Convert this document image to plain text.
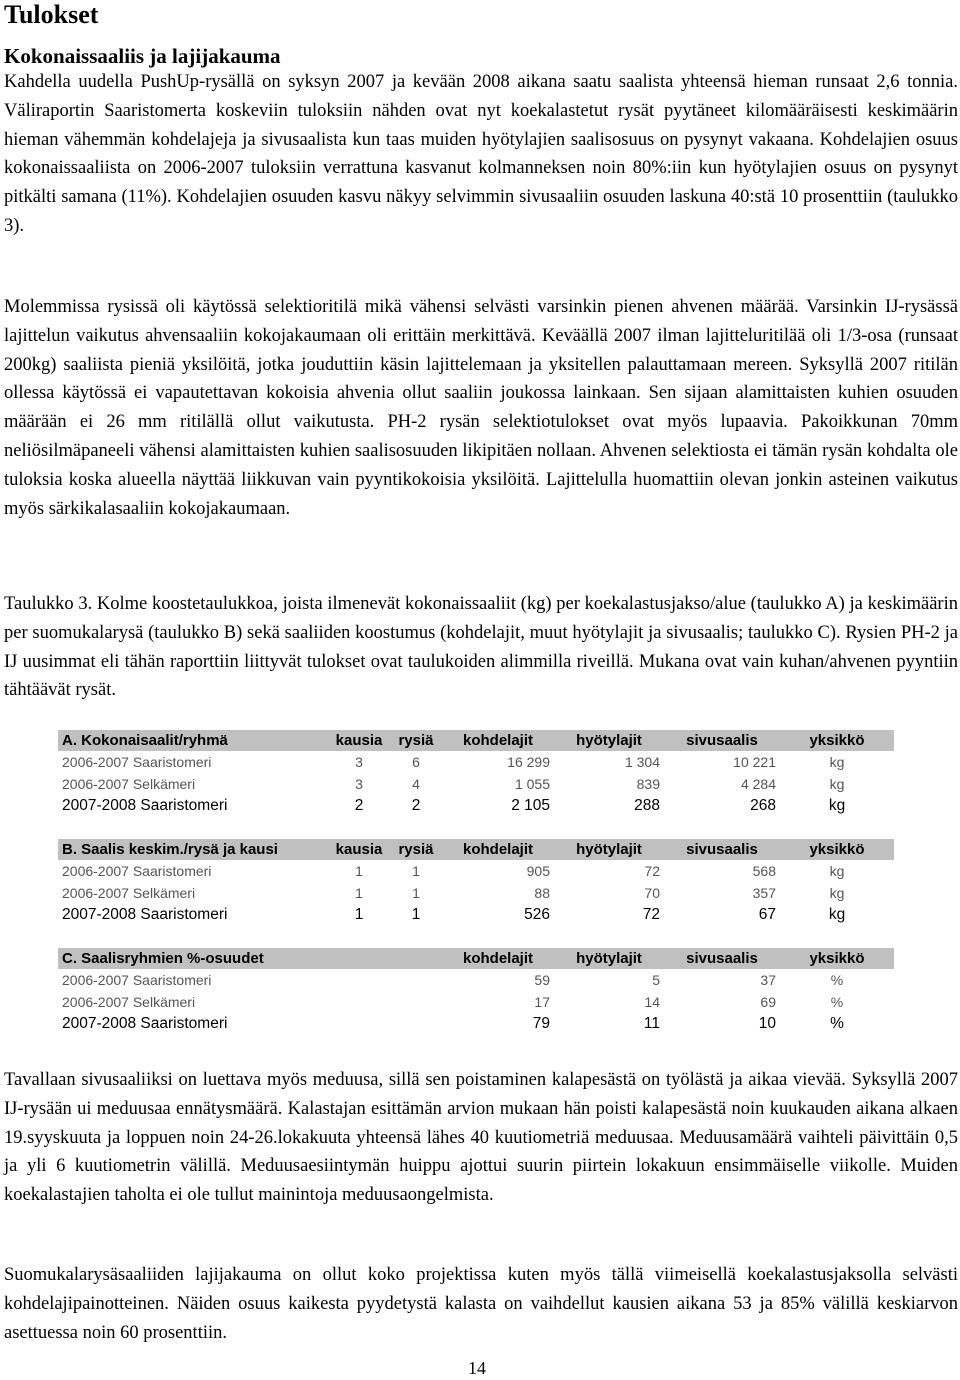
Tulokset
Kokonaissaaliis ja lajijakauma

Kahdella uudella PushUp-rysällä on syksyn 2007 ja kevään 2008 aikana saatu saalista yhteensä hieman runsaat 2,6 tonnia. Väliraportin Saaristomerta koskeviin tuloksiin nähden ovat nyt koekalastetut rysät pyytäneet kilomääräisesti keskimäärin hieman vähemmän kohdelajeja ja sivusaalista kun taas muiden hyötylajien saalisosuus on pysynyt vakaana. Kohdelajien osuus kokonaissaaliista on 2006-2007 tuloksiin verrattuna kasvanut kolmanneksen noin 80%:iin kun hyötylajien osuus on pysynyt pitkälti samana (11%). Kohdelajien osuuden kasvu näkyy selvimmin sivusaaliin osuuden laskuna 40:stä 10 prosenttiin (taulukko 3).

Molemmissa rysissä oli käytössä selektioritilä mikä vähensi selvästi varsinkin pienen ahvenen määrää. Varsinkin IJ-rysässä lajittelun vaikutus ahvensaaliin kokojakaumaan oli erittäin merkittävä. Keväällä 2007 ilman lajitteluritilää oli 1/3-osa (runsaat 200kg) saaliista pieniä yksilöitä, jotka jouduttiin käsin lajittelemaan ja yksitellen palauttamaan mereen. Syksyllä 2007 ritilän ollessa käytössä ei vapautettavan kokoisia ahvenia ollut saaliin joukossa lainkaan. Sen sijaan alamittaisten kuhien osuuden määrään ei 26 mm ritilällä ollut vaikutusta. PH-2 rysän selektiotulokset ovat myös lupaavia. Pakoikkunan 70mm neliösilmäpaneeli vähensi alamittaisten kuhien saalisosuuden likipitäen nollaan. Ahvenen selektiosta ei tämän rysän kohdalta ole tuloksia koska alueella näyttää liikkuvan vain pyyntikokoisia yksilöitä. Lajittelulla huomattiin olevan jonkin asteinen vaikutus myös särkikalasaaliin kokojakaumaan.

Taulukko 3. Kolme koostetaulukkoa, joista ilmenevät kokonaissaaliit (kg) per koekalastusjakso/alue (taulukko A) ja keskimäärin per suomukalarysä (taulukko B) sekä saaliiden koostumus (kohdelajit, muut hyötylajit ja sivusaalis; taulukko C). Rysien PH-2 ja IJ uusimmat eli tähän raporttiin liittyvät tulokset ovat taulukoiden alimmilla riveillä. Mukana ovat vain kuhan/ahvenen pyyntiin tähtäävät rysät.

A. Kokonaisaalit/ryhmä	kausia	rysiä	kohdelajit	hyötylajit	sivusaalis	yksikkö
2006-2007 Saaristomeri	3	6	16 299	1 304	10 221	kg
2006-2007 Selkämeri	3	4	1 055	839	4 284	kg
2007-2008 Saaristomeri	2	2	2 105	288	268	kg

B. Saalis keskim./rysä ja kausi	kausia	rysiä	kohdelajit	hyötylajit	sivusaalis	yksikkö
2006-2007 Saaristomeri	1	1	905	72	568	kg
2006-2007 Selkämeri	1	1	88	70	357	kg
2007-2008 Saaristomeri	1	1	526	72	67	kg

C. Saalisryhmien %-osuudet			kohdelajit	hyötylajit	sivusaalis	yksikkö
2006-2007 Saaristomeri			59	5	37	%
2006-2007 Selkämeri			17	14	69	%
2007-2008 Saaristomeri			79	11	10	%

Tavallaan sivusaaliiksi on luettava myös meduusa, sillä sen poistaminen kalapesästä on työlästä ja aikaa vievää. Syksyllä 2007 IJ-rysään ui meduusaa ennätysmäärä. Kalastajan esittämän arvion mukaan hän poisti kalapesästä noin kuukauden aikana alkaen 19.syyskuuta ja loppuen noin 24-26.lokakuuta yhteensä lähes 40 kuutiometriä meduusaa. Meduusamäärä vaihteli päivittäin 0,5 ja yli 6 kuutiometrin välillä. Meduusaesiintymän huippu ajottui suurin piirtein lokakuun ensimmäiselle viikolle. Muiden koekalastajien taholta ei ole tullut mainintoja meduusaongelmista.

Suomukalarysäsaaliiden lajijakauma on ollut koko projektissa kuten myös tällä viimeisellä koekalastusjaksolla selvästi kohdelajipainotteinen. Näiden osuus kaikesta pyydetystä kalasta on vaihdellut kausien aikana 53 ja 85% välillä keskiarvon asettuessa noin 60 prosenttiin.

14
